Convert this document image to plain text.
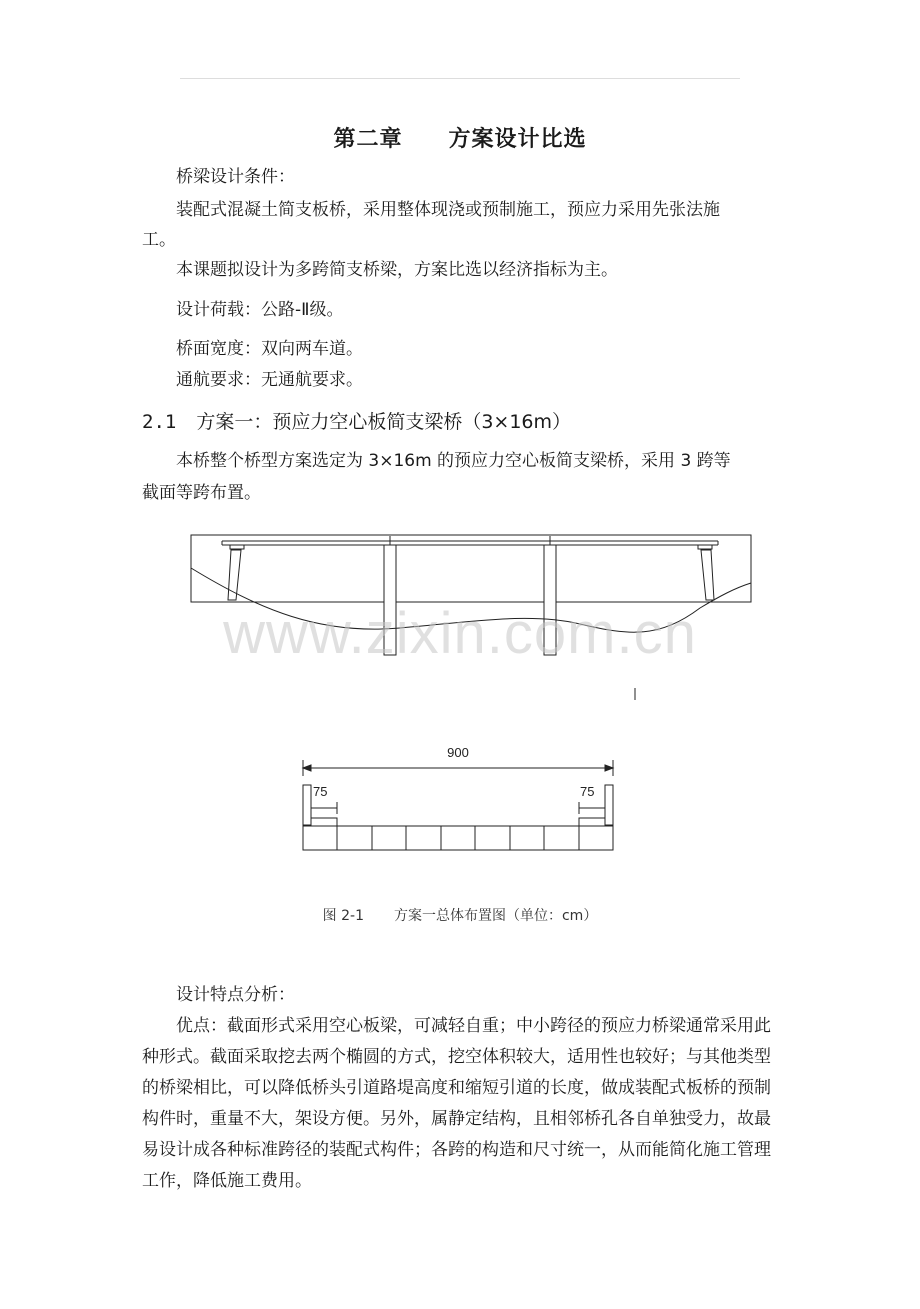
第二章 方案设计比选
桥梁设计条件：
装配式混凝土简支板桥，采用整体现浇或预制施工，预应力采用先张法施
工。
本课题拟设计为多跨简支桥梁，方案比选以经济指标为主。
设计荷载：公路-Ⅱ级。
桥面宽度：双向两车道。
通航要求：无通航要求。
2.1 方案一：预应力空心板简支梁桥（3×16m）
本桥整个桥型方案选定为 3×16m 的预应力空心板简支梁桥，采用 3 跨等
截面等跨布置。
900
75	75
www.zixin.com.cn
图 2-1 方案一总体布置图（单位：cm）
设计特点分析：

优点：截面形式采用空心板梁，可减轻自重；中小跨径的预应力桥梁通常采用此种形式。截面采取挖去两个椭圆的方式，挖空体积较大，适用性也较好；与其他类型的桥梁相比，可以降低桥头引道路堤高度和缩短引道的长度，做成装配式板桥的预制构件时，重量不大，架设方便。另外，属静定结构，且相邻桥孔各自单独受力，故最易设计成各种标准跨径的装配式构件；各跨的构造和尺寸统一，从而能简化施工管理工作，降低施工费用。
